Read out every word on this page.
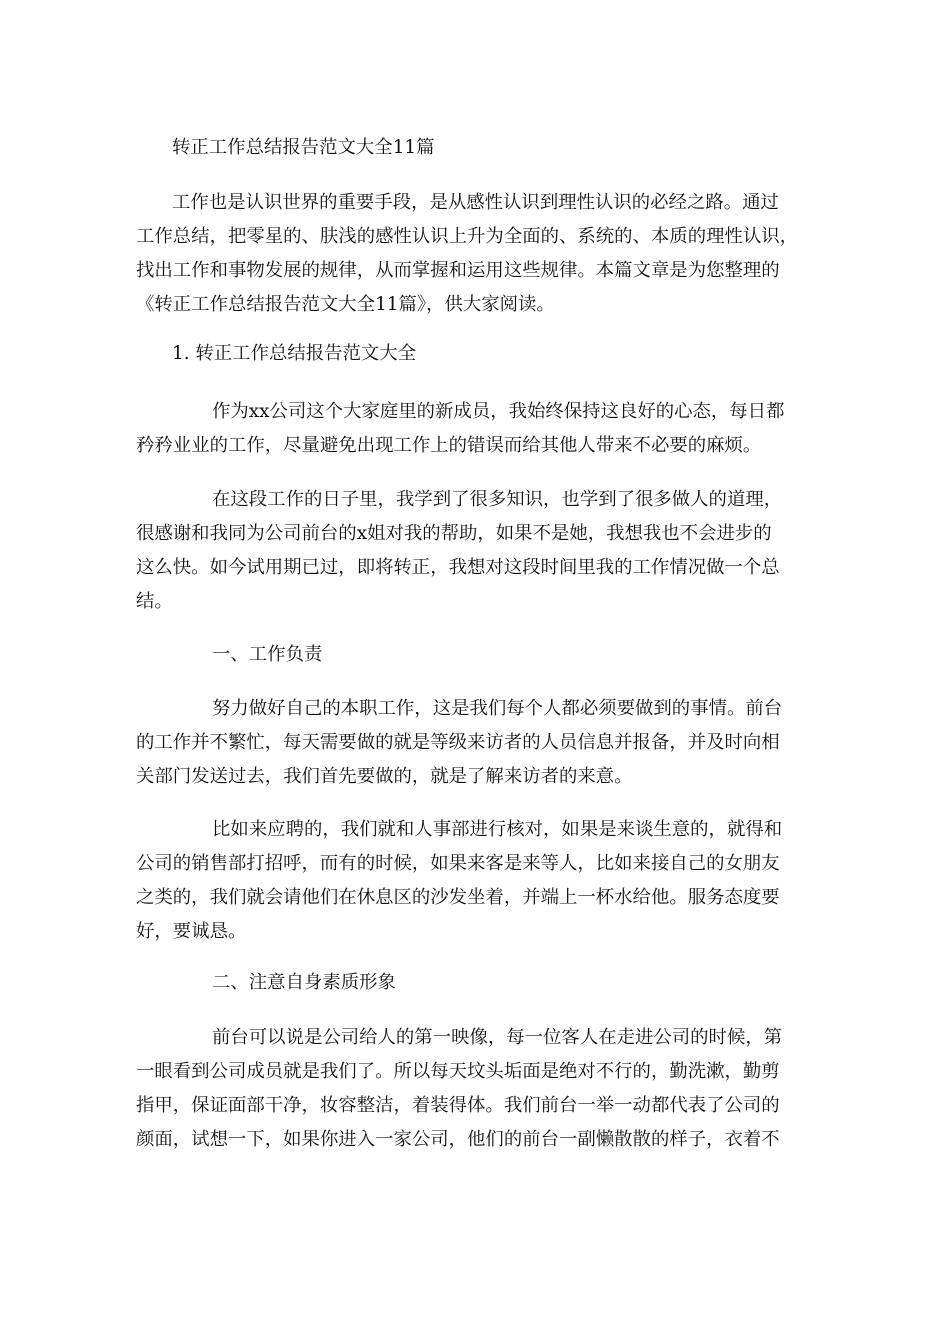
转正工作总结报告范文大全11篇
工作也是认识世界的重要手段，是从感性认识到理性认识的必经之路。通过
工作总结，把零星的、肤浅的感性认识上升为全面的、系统的、本质的理性认识，
找出工作和事物发展的规律，从而掌握和运用这些规律。本篇文章是为您整理的
《转正工作总结报告范文大全11篇》，供大家阅读。
1. 转正工作总结报告范文大全
作为xx公司这个大家庭里的新成员，我始终保持这良好的心态，每日都
矜矜业业的工作，尽量避免出现工作上的错误而给其他人带来不必要的麻烦。
在这段工作的日子里，我学到了很多知识，也学到了很多做人的道理，
很感谢和我同为公司前台的x姐对我的帮助，如果不是她，我想我也不会进步的
这么快。如今试用期已过，即将转正，我想对这段时间里我的工作情况做一个总
结。
一、工作负责
努力做好自己的本职工作，这是我们每个人都必须要做到的事情。前台
的工作并不繁忙，每天需要做的就是等级来访者的人员信息并报备，并及时向相
关部门发送过去，我们首先要做的，就是了解来访者的来意。
比如来应聘的，我们就和人事部进行核对，如果是来谈生意的，就得和
公司的销售部打招呼，而有的时候，如果来客是来等人，比如来接自己的女朋友
之类的，我们就会请他们在休息区的沙发坐着，并端上一杯水给他。服务态度要
好，要诚恳。
二、注意自身素质形象
前台可以说是公司给人的第一映像，每一位客人在走进公司的时候，第
一眼看到公司成员就是我们了。所以每天坟头垢面是绝对不行的，勤洗漱，勤剪
指甲，保证面部干净，妆容整洁，着装得体。我们前台一举一动都代表了公司的
颜面，试想一下，如果你进入一家公司，他们的前台一副懒散散的样子，衣着不
